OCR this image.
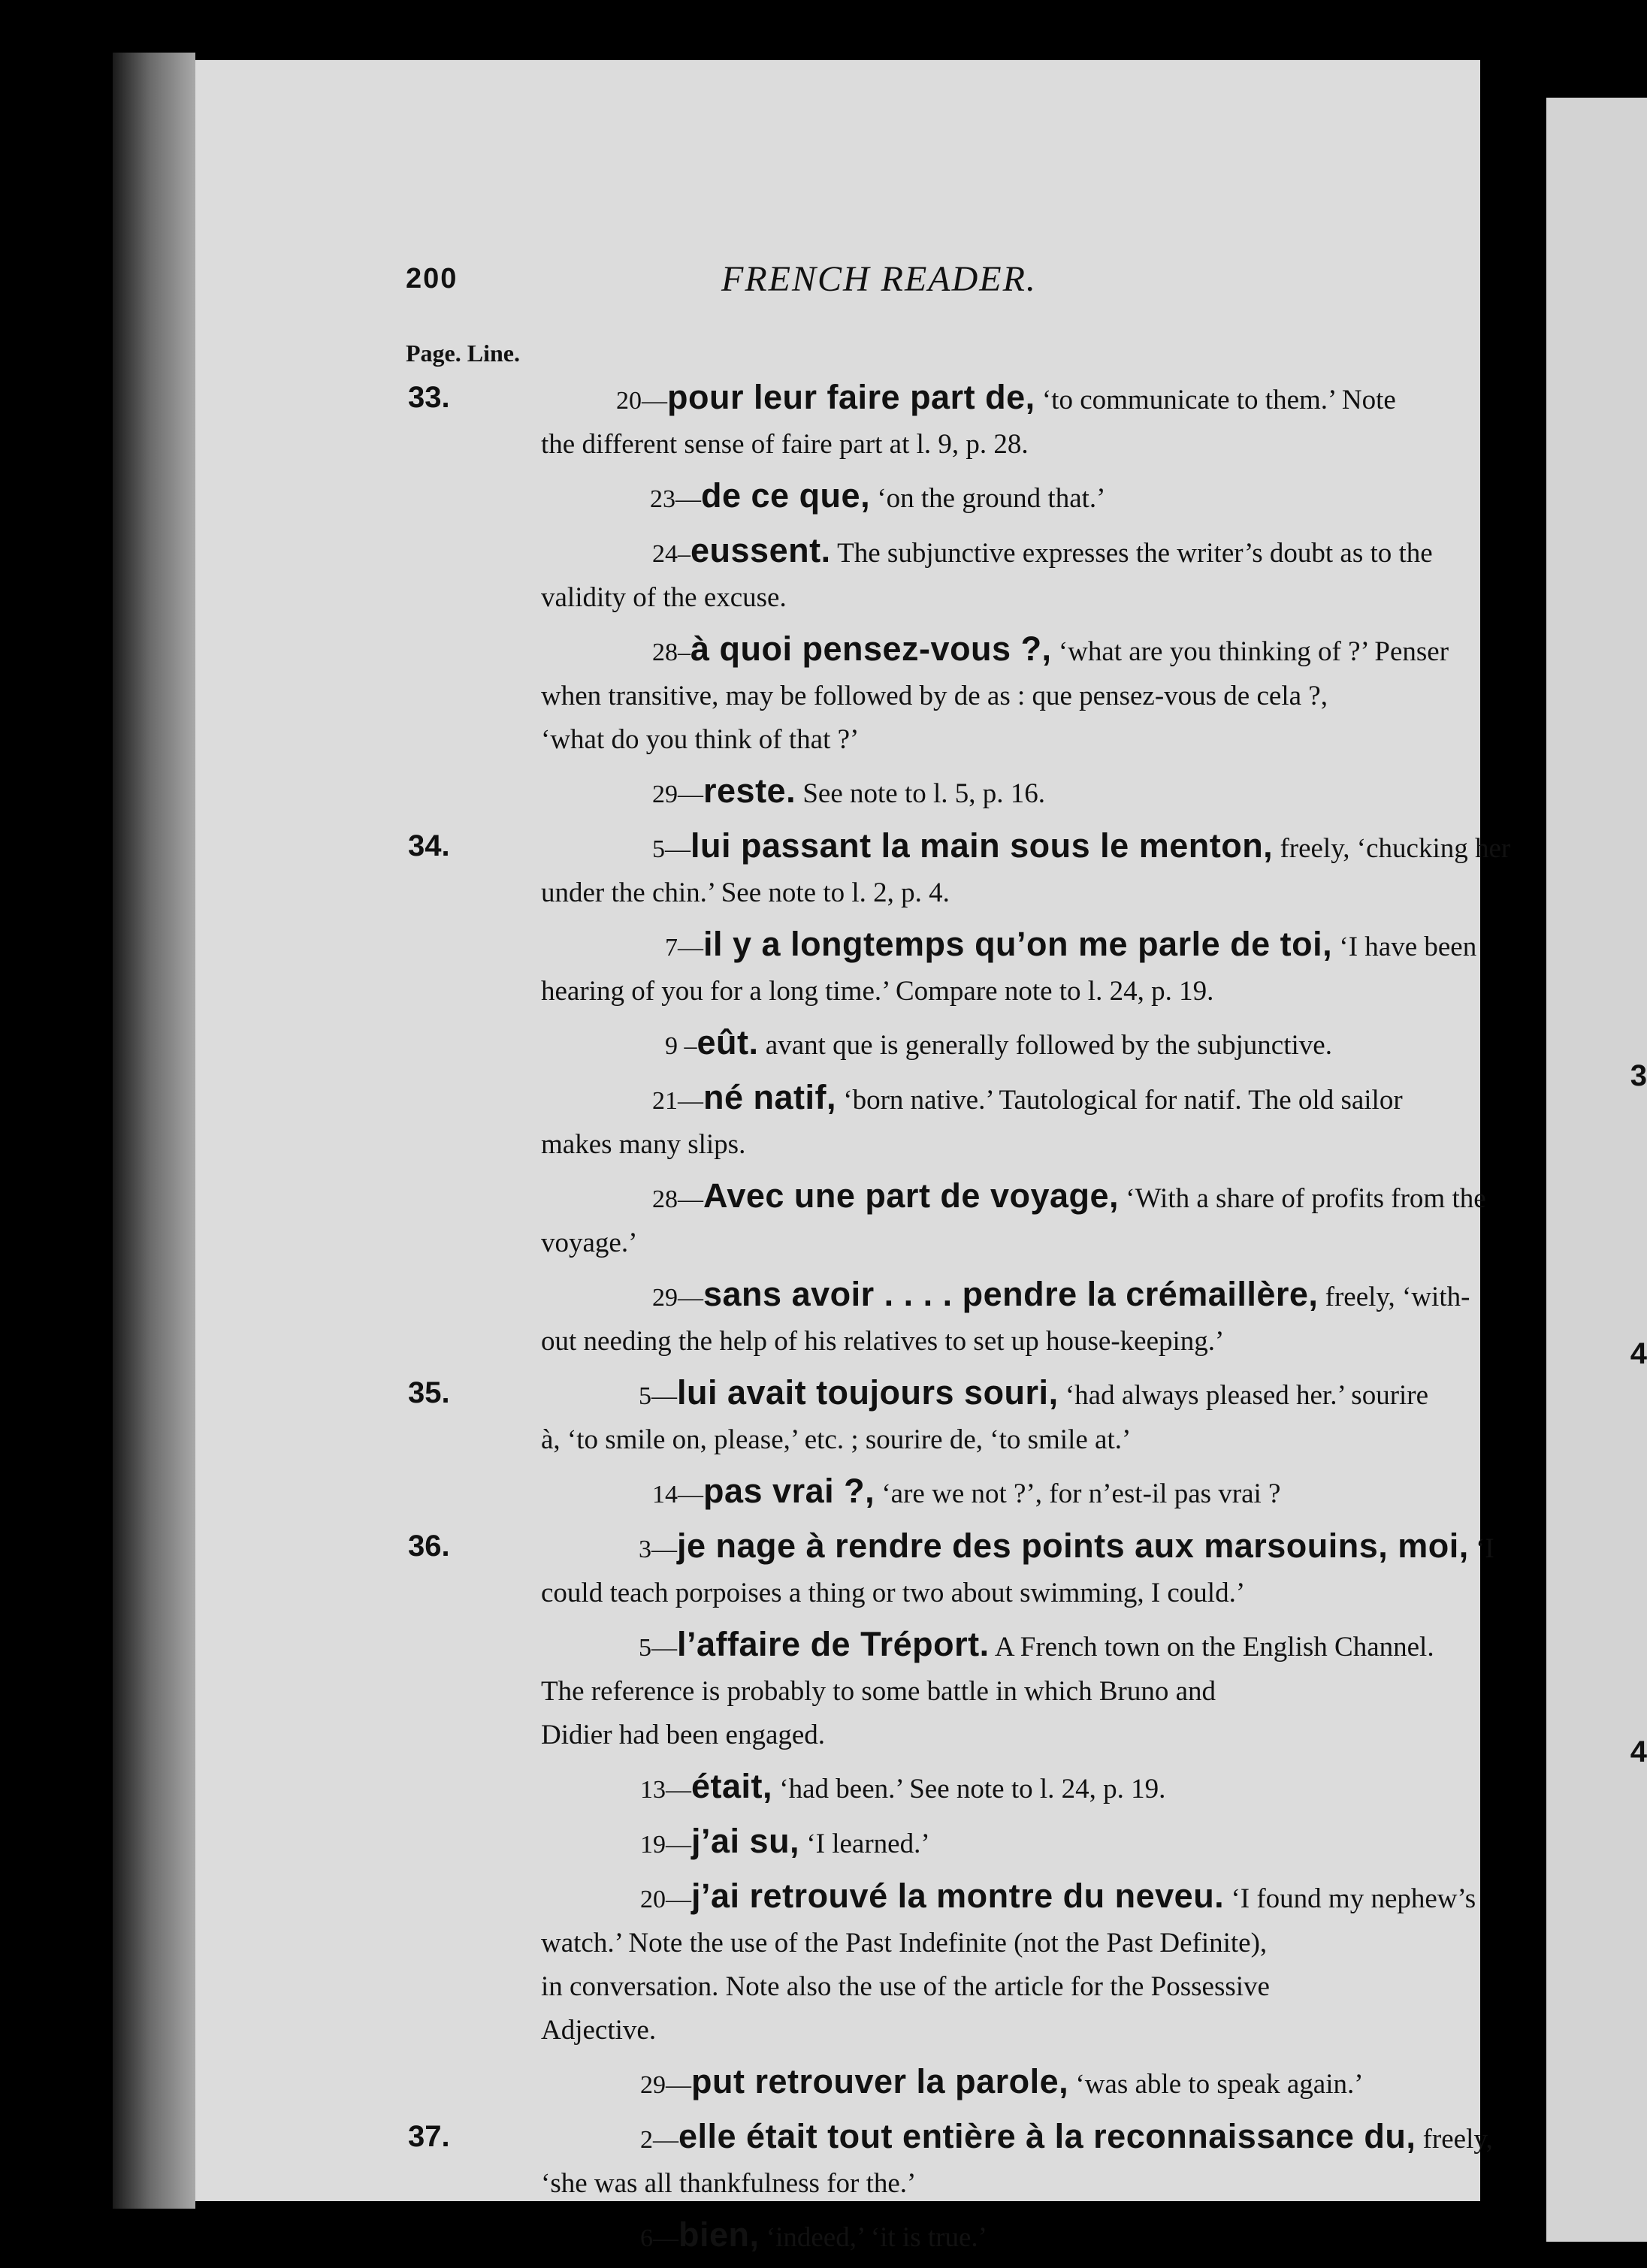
3
4
4
200	FRENCH READER.
Page. Line.
33.	20—pour leur faire part de, ‘to communicate to them.’ Note
the different sense of faire part at l. 9, p. 28.
23—de ce que, ‘on the ground that.’
24–eussent. The subjunctive expresses the writer’s doubt as to the
validity of the excuse.
28–à quoi pensez-vous ?, ‘what are you thinking of ?’ Penser
when transitive, may be followed by de as : que pensez-vous de cela ?,
‘what do you think of that ?’
29—reste. See note to l. 5, p. 16.
34.	5—lui passant la main sous le menton, freely, ‘chucking her
under the chin.’ See note to l. 2, p. 4.
7—il y a longtemps qu’on me parle de toi, ‘I have been
hearing of you for a long time.’ Compare note to l. 24, p. 19.
9 –eût. avant que is generally followed by the subjunctive.
21—né natif, ‘born native.’ Tautological for natif. The old sailor
makes many slips.
28—Avec une part de voyage, ‘With a share of profits from the
voyage.’
29—sans avoir . . . . pendre la crémaillère, freely, ‘with-
out needing the help of his relatives to set up house-keeping.’
35.	5—lui avait toujours souri, ‘had always pleased her.’ sourire
à, ‘to smile on, please,’ etc. ; sourire de, ‘to smile at.’
14—pas vrai ?, ‘are we not ?’, for n’est-il pas vrai ?
36.	3—je nage à rendre des points aux marsouins, moi, ‘I
could teach porpoises a thing or two about swimming, I could.’
5—l’affaire de Tréport. A French town on the English Channel.
The reference is probably to some battle in which Bruno and
Didier had been engaged.
13—était, ‘had been.’ See note to l. 24, p. 19.
19—j’ai su, ‘I learned.’
20—j’ai retrouvé la montre du neveu. ‘I found my nephew’s
watch.’ Note the use of the Past Indefinite (not the Past Definite),
in conversation. Note also the use of the article for the Possessive
Adjective.
29—put retrouver la parole, ‘was able to speak again.’
37.	2—elle était tout entière à la reconnaissance du, freely,
‘she was all thankfulness for the.’
6—bien, ‘indeed,’ ‘it is true.’
